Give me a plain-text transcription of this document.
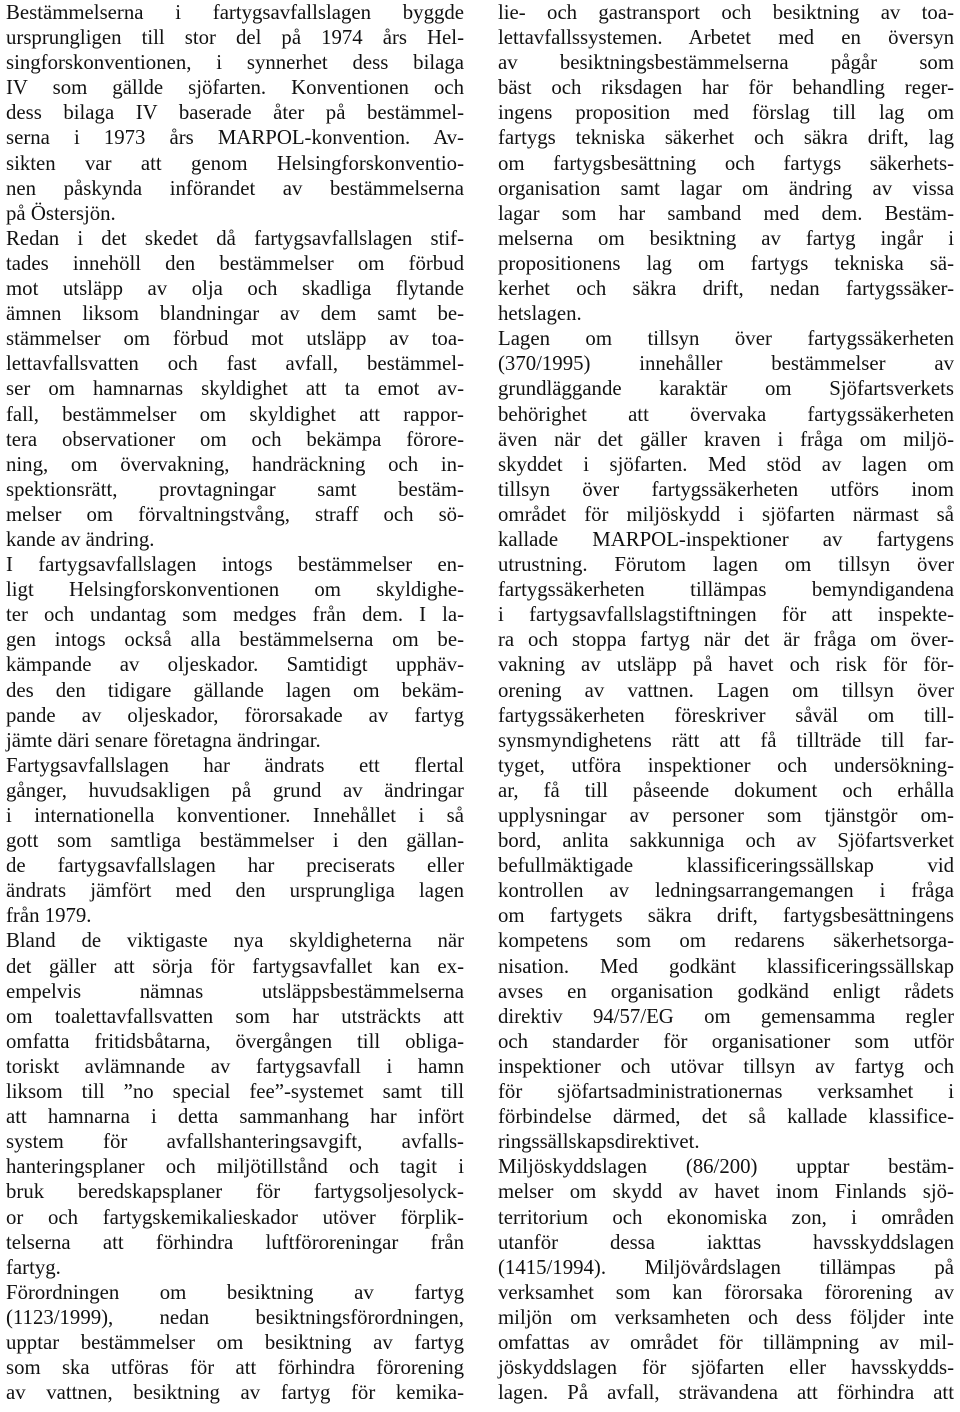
Bestämmelserna i fartygsavfallslagen byggde
ursprungligen till stor del på 1974 års Hel-
singforskonventionen, i synnerhet dess bilaga
IV som gällde sjöfarten. Konventionen och
dess bilaga IV baserade åter på bestämmel-
serna i 1973 års MARPOL-konvention. Av-
sikten var att genom Helsingforskonventio-
nen påskynda införandet av bestämmelserna
på Östersjön.
Redan i det skedet då fartygsavfallslagen stif-
tades innehöll den bestämmelser om förbud
mot utsläpp av olja och skadliga flytande
ämnen liksom blandningar av dem samt be-
stämmelser om förbud mot utsläpp av toa-
lettavfallsvatten och fast avfall, bestämmel-
ser om hamnarnas skyldighet att ta emot av-
fall, bestämmelser om skyldighet att rappor-
tera observationer om och bekämpa förore-
ning, om övervakning, handräckning och in-
spektionsrätt, provtagningar samt bestäm-
melser om förvaltningstvång, straff och sö-
kande av ändring.
I fartygsavfallslagen intogs bestämmelser en-
ligt Helsingforskonventionen om skyldighe-
ter och undantag som medges från dem. I la-
gen intogs också alla bestämmelserna om be-
kämpande av oljeskador. Samtidigt upphäv-
des den tidigare gällande lagen om bekäm-
pande av oljeskador, förorsakade av fartyg
jämte däri senare företagna ändringar.
Fartygsavfallslagen har ändrats ett flertal
gånger, huvudsakligen på grund av ändringar
i internationella konventioner. Innehållet i så
gott som samtliga bestämmelser i den gällan-
de fartygsavfallslagen har preciserats eller
ändrats jämfört med den ursprungliga lagen
från 1979.
Bland de viktigaste nya skyldigheterna när
det gäller att sörja för fartygsavfallet kan ex-
empelvis nämnas utsläppsbestämmelserna
om toalettavfallsvatten som har utsträckts att
omfatta fritidsbåtarna, övergången till obliga-
toriskt avlämnande av fartygsavfall i hamn
liksom till ”no special fee”-systemet samt till
att hamnarna i detta sammanhang har infört
system för avfallshanteringsavgift, avfalls-
hanteringsplaner och miljötillstånd och tagit i
bruk beredskapsplaner för fartygsoljesolyck-
or och fartygskemikalieskador utöver förplik-
telserna att förhindra luftföroreningar från
fartyg.
Förordningen om besiktning av fartyg
(1123/1999), nedan besiktningsförordningen,
upptar bestämmelser om besiktning av fartyg
som ska utföras för att förhindra förorening
av vattnen, besiktning av fartyg för kemika-
lie- och gastransport och besiktning av toa-
lettavfallssystemen. Arbetet med en översyn
av besiktningsbestämmelserna pågår som
bäst och riksdagen har för behandling reger-
ingens proposition med förslag till lag om
fartygs tekniska säkerhet och säkra drift, lag
om fartygsbesättning och fartygs säkerhets-
organisation samt lagar om ändring av vissa
lagar som har samband med dem. Bestäm-
melserna om besiktning av fartyg ingår i
propositionens lag om fartygs tekniska sä-
kerhet och säkra drift, nedan fartygssäker-
hetslagen.
Lagen om tillsyn över fartygssäkerheten
(370/1995) innehåller bestämmelser av
grundläggande karaktär om Sjöfartsverkets
behörighet att övervaka fartygssäkerheten
även när det gäller kraven i fråga om miljö-
skyddet i sjöfarten. Med stöd av lagen om
tillsyn över fartygssäkerheten utförs inom
området för miljöskydd i sjöfarten närmast så
kallade MARPOL-inspektioner av fartygens
utrustning. Förutom lagen om tillsyn över
fartygssäkerheten tillämpas bemyndigandena
i fartygsavfallslagstiftningen för att inspekte-
ra och stoppa fartyg när det är fråga om över-
vakning av utsläpp på havet och risk för för-
orening av vattnen. Lagen om tillsyn över
fartygssäkerheten föreskriver såväl om till-
synsmyndighetens rätt att få tillträde till far-
tyget, utföra inspektioner och undersökning-
ar, få till påseende dokument och erhålla
upplysningar av personer som tjänstgör om-
bord, anlita sakkunniga och av Sjöfartsverket
befullmäktigade klassificeringssällskap vid
kontrollen av ledningsarrangemangen i fråga
om fartygets säkra drift, fartygsbesättningens
kompetens som om redarens säkerhetsorga-
nisation. Med godkänt klassificeringssällskap
avses en organisation godkänd enligt rådets
direktiv 94/57/EG om gemensamma regler
och standarder för organisationer som utför
inspektioner och utövar tillsyn av fartyg och
för sjöfartsadministrationernas verksamhet i
förbindelse därmed, det så kallade klassifice-
ringssällskapsdirektivet.
Miljöskyddslagen (86/200) upptar bestäm-
melser om skydd av havet inom Finlands sjö-
territorium och ekonomiska zon, i områden
utanför dessa iakttas havsskyddslagen
(1415/1994). Miljövårdslagen tillämpas på
verksamhet som kan förorsaka förorening av
miljön om verksamheten och dess följder inte
omfattas av området för tillämpning av mil-
jöskyddslagen för sjöfarten eller havsskydds-
lagen. På avfall, strävandena att förhindra att
